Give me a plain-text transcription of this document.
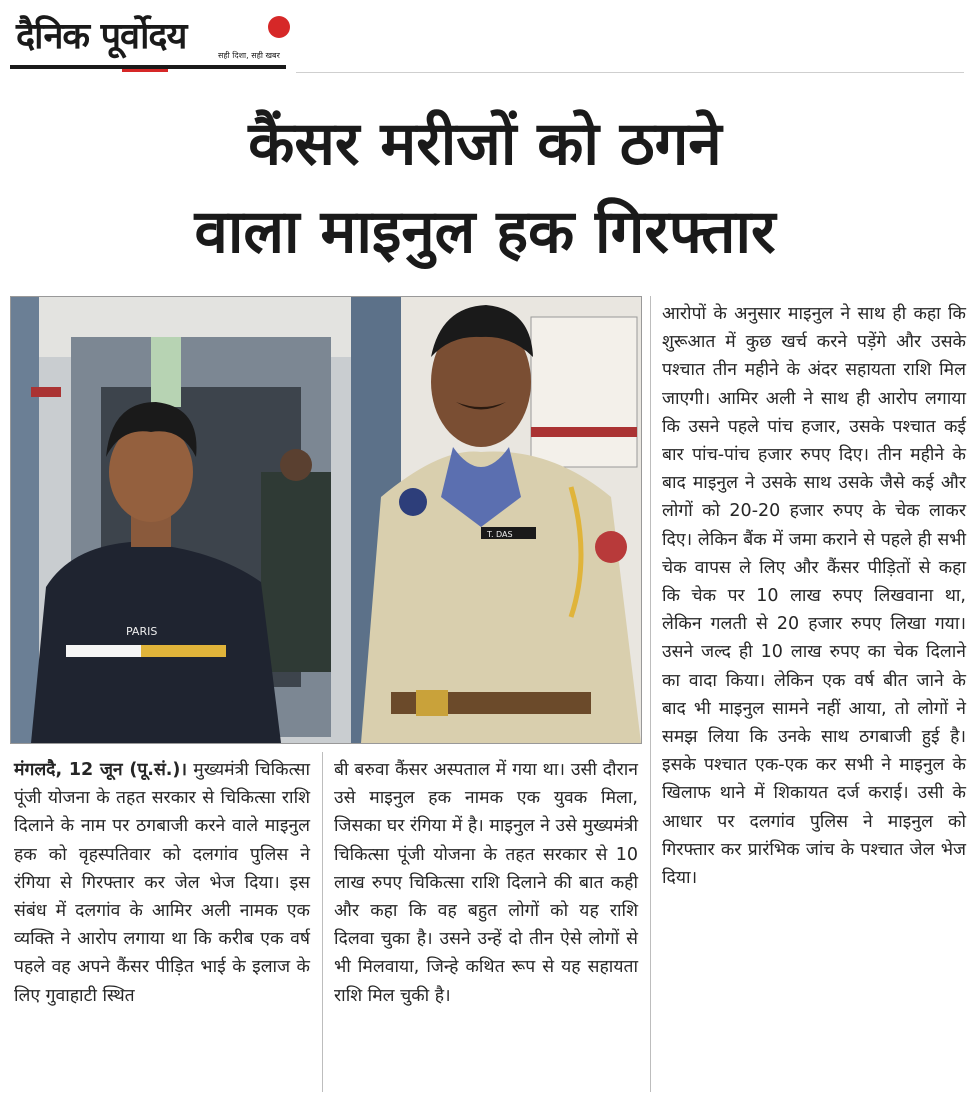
दैनिक पूर्वोदय	सही दिशा, सही खबर
कैंसर मरीजों को ठगने
वाला माइनुल हक गिरफ्तार
PARIS
T. DAS
मंगलदै, 12 जून (पू.सं.)। मुख्यमंत्री चिकित्सा पूंजी योजना के तहत सरकार से चिकित्सा राशि दिलाने के नाम पर ठगबाजी करने वाले माइनुल हक को वृहस्पतिवार को दलगांव पुलिस ने रंगिया से गिरफ्तार कर जेल भेज दिया। इस संबंध में दलगांव के आमिर अली नामक एक व्यक्ति ने आरोप लगाया था कि करीब एक वर्ष पहले वह अपने कैंसर पीड़ित भाई के इलाज के लिए गुवाहाटी स्थित
बी बरुवा कैंसर अस्पताल में गया था। उसी दौरान उसे माइनुल हक नामक एक युवक मिला, जिसका घर रंगिया में है। माइनुल ने उसे मुख्यमंत्री चिकित्सा पूंजी योजना के तहत सरकार से 10 लाख रुपए चिकित्सा राशि दिलाने की बात कही और कहा कि वह बहुत लोगों को यह राशि दिलवा चुका है। उसने उन्हें दो तीन ऐसे लोगों से भी मिलवाया, जिन्हे कथित रूप से यह सहायता राशि मिल चुकी है।
आरोपों के अनुसार माइनुल ने साथ ही कहा कि शुरूआत में कुछ खर्च करने पड़ेंगे और उसके पश्चात तीन महीने के अंदर सहायता राशि मिल जाएगी। आमिर अली ने साथ ही आरोप लगाया कि उसने पहले पांच हजार, उसके पश्चात कई बार पांच-पांच हजार रुपए दिए। तीन महीने के बाद माइनुल ने उसके साथ उसके जैसे कई और लोगों को 20-20 हजार रुपए के चेक लाकर दिए। लेकिन बैंक में जमा कराने से पहले ही सभी चेक वापस ले लिए और कैंसर पीड़ितों से कहा कि चेक पर 10 लाख रुपए लिखवाना था, लेकिन गलती से 20 हजार रुपए लिखा गया। उसने जल्द ही 10 लाख रुपए का चेक दिलाने का वादा किया। लेकिन एक वर्ष बीत जाने के बाद भी माइनुल सामने नहीं आया, तो लोगों ने समझ लिया कि उनके साथ ठगबाजी हुई है। इसके पश्चात एक-एक कर सभी ने माइनुल के खिलाफ थाने में शिकायत दर्ज कराई। उसी के आधार पर दलगांव पुलिस ने माइनुल को गिरफ्तार कर प्रारंभिक जांच के पश्चात जेल भेज दिया।
